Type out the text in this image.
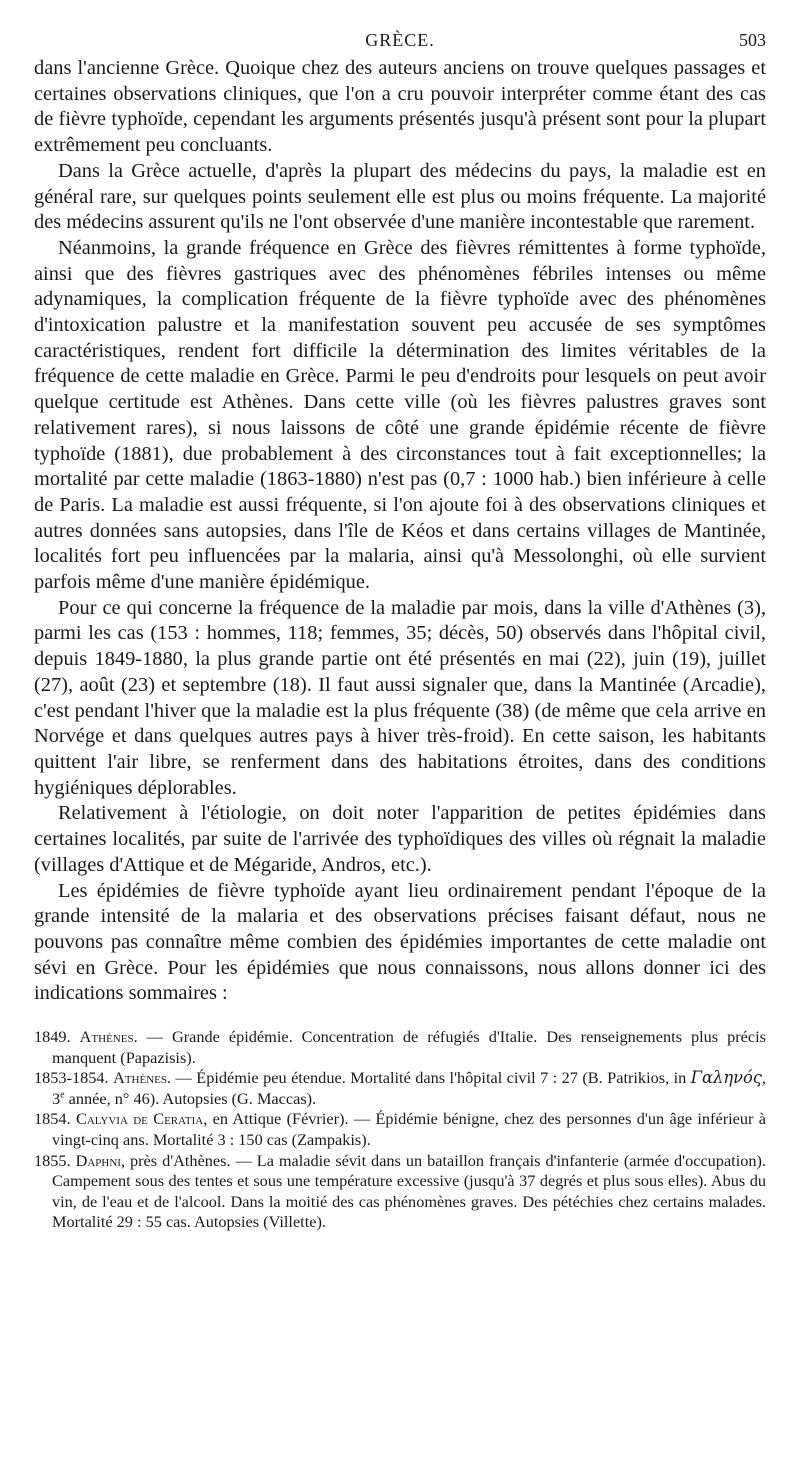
GRÈCE.	503

dans l'ancienne Grèce. Quoique chez des auteurs anciens on trouve quelques passages et certaines observations cliniques, que l'on a cru pouvoir interpréter comme étant des cas de fièvre typhoïde, cependant les arguments présentés jusqu'à présent sont pour la plupart extrêmement peu concluants.

Dans la Grèce actuelle, d'après la plupart des médecins du pays, la maladie est en général rare, sur quelques points seulement elle est plus ou moins fréquente. La majorité des médecins assurent qu'ils ne l'ont observée d'une manière incontestable que rarement.

Néanmoins, la grande fréquence en Grèce des fièvres rémittentes à forme typhoïde, ainsi que des fièvres gastriques avec des phénomènes fébriles intenses ou même adynamiques, la complication fréquente de la fièvre typhoïde avec des phénomènes d'intoxication palustre et la manifestation souvent peu accusée de ses symptômes caractéristiques, rendent fort difficile la détermination des limites véritables de la fréquence de cette maladie en Grèce. Parmi le peu d'endroits pour lesquels on peut avoir quelque certitude est Athènes. Dans cette ville (où les fièvres palustres graves sont relativement rares), si nous laissons de côté une grande épidémie récente de fièvre typhoïde (1881), due probablement à des circonstances tout à fait exceptionnelles; la mortalité par cette maladie (1863-1880) n'est pas (0,7 : 1000 hab.) bien inférieure à celle de Paris. La maladie est aussi fréquente, si l'on ajoute foi à des observations cliniques et autres données sans autopsies, dans l'île de Kéos et dans certains villages de Mantinée, localités fort peu influencées par la malaria, ainsi qu'à Messolonghi, où elle survient parfois même d'une manière épidémique.

Pour ce qui concerne la fréquence de la maladie par mois, dans la ville d'Athènes (3), parmi les cas (153 : hommes, 118; femmes, 35; décès, 50) observés dans l'hôpital civil, depuis 1849-1880, la plus grande partie ont été présentés en mai (22), juin (19), juillet (27), août (23) et septembre (18). Il faut aussi signaler que, dans la Mantinée (Arcadie), c'est pendant l'hiver que la maladie est la plus fréquente (38) (de même que cela arrive en Norvége et dans quelques autres pays à hiver très-froid). En cette saison, les habitants quittent l'air libre, se renferment dans des habitations étroites, dans des conditions hygiéniques déplorables.

Relativement à l'étiologie, on doit noter l'apparition de petites épidémies dans certaines localités, par suite de l'arrivée des typhoïdiques des villes où régnait la maladie (villages d'Attique et de Mégaride, Andros, etc.).

Les épidémies de fièvre typhoïde ayant lieu ordinairement pendant l'époque de la grande intensité de la malaria et des observations précises faisant défaut, nous ne pouvons pas connaître même combien des épidémies importantes de cette maladie ont sévi en Grèce. Pour les épidémies que nous connaissons, nous allons donner ici des indications sommaires :

1849. Athènes. — Grande épidémie. Concentration de réfugiés d'Italie. Des renseignements plus précis manquent (Papazisis).

1853-1854. Athènes. — Épidémie peu étendue. Mortalité dans l'hôpital civil 7 : 27 (B. Patrikios, in Γαληνός, 3e année, n° 46). Autopsies (G. Maccas).

1854. Calyvia de Ceratia, en Attique (Février). — Épidémie bénigne, chez des personnes d'un âge inférieur à vingt-cinq ans. Mortalité 3 : 150 cas (Zampakis).

1855. Daphni, près d'Athènes. — La maladie sévit dans un bataillon français d'infanterie (armée d'occupation). Campement sous des tentes et sous une température excessive (jusqu'à 37 degrés et plus sous elles). Abus du vin, de l'eau et de l'alcool. Dans la moitié des cas phénomènes graves. Des pétéchies chez certains malades. Mortalité 29 : 55 cas. Autopsies (Villette).
